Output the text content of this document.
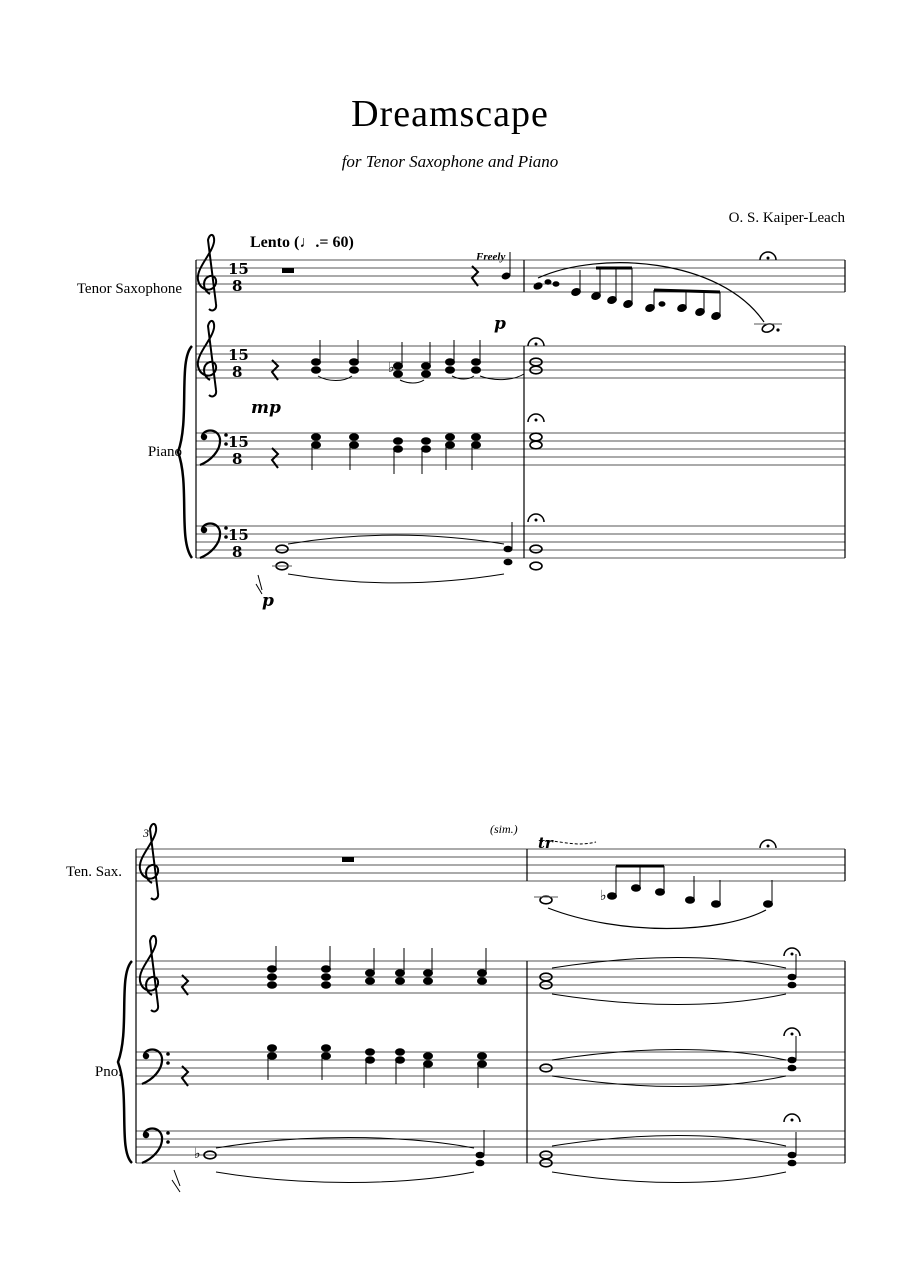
Dreamscape
for Tenor Saxophone and Piano
O. S. Kaiper-Leach
Lento (♩.= 60)
Tenor Saxophone
Piano
Freely
p
mp
p
3
Ten. Sax.
Pno.
(sim.)
tr
15
8
15
8
15
8
15
8
♭
♭
♭
